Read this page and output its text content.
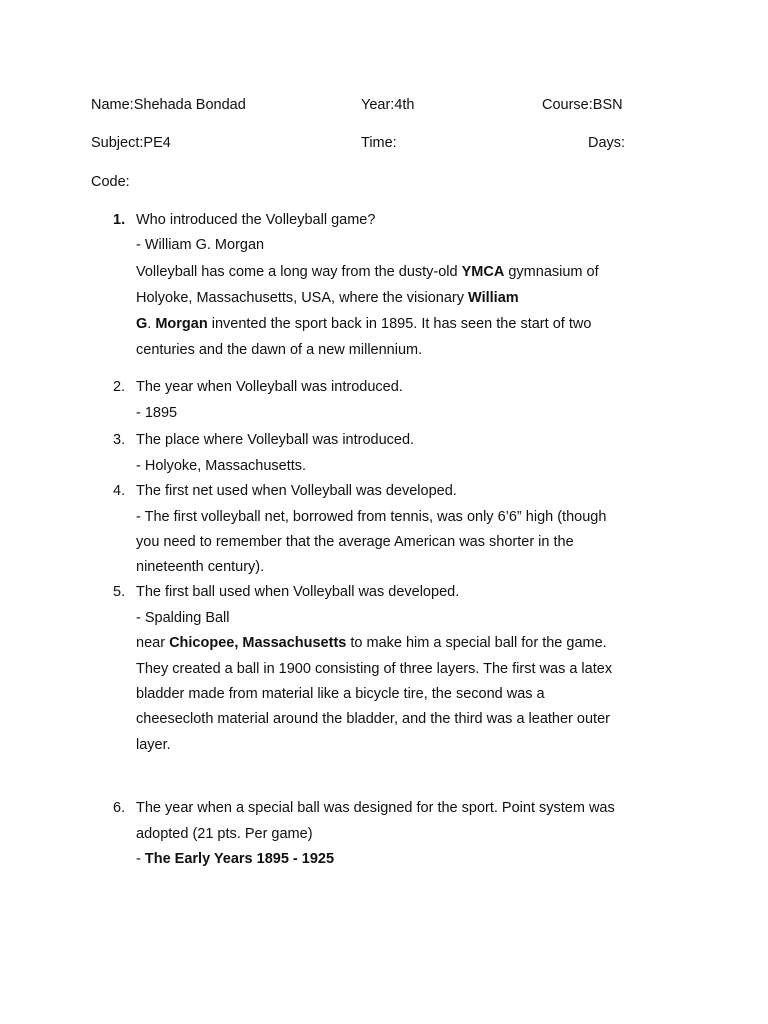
Name:Shehada Bondad	Year:4th	Course:BSN
Subject:PE4	Time:	Days:
Code:
1. Who introduced the Volleyball game?
- William G. Morgan
Volleyball has come a long way from the dusty-old YMCA gymnasium of
Holyoke, Massachusetts, USA, where the visionary William
G. Morgan invented the sport back in 1895. It has seen the start of two
centuries and the dawn of a new millennium.
2. The year when Volleyball was introduced.
- 1895
3. The place where Volleyball was introduced.
- Holyoke, Massachusetts.
4. The first net used when Volleyball was developed.
- The first volleyball net, borrowed from tennis, was only 6’6” high (though
you need to remember that the average American was shorter in the
nineteenth century).
5. The first ball used when Volleyball was developed.
- Spalding Ball
near Chicopee, Massachusetts to make him a special ball for the game.
They created a ball in 1900 consisting of three layers. The first was a latex
bladder made from material like a bicycle tire, the second was a
cheesecloth material around the bladder, and the third was a leather outer
layer.
6. The year when a special ball was designed for the sport. Point system was
adopted (21 pts. Per game)
- The Early Years 1895 - 1925
